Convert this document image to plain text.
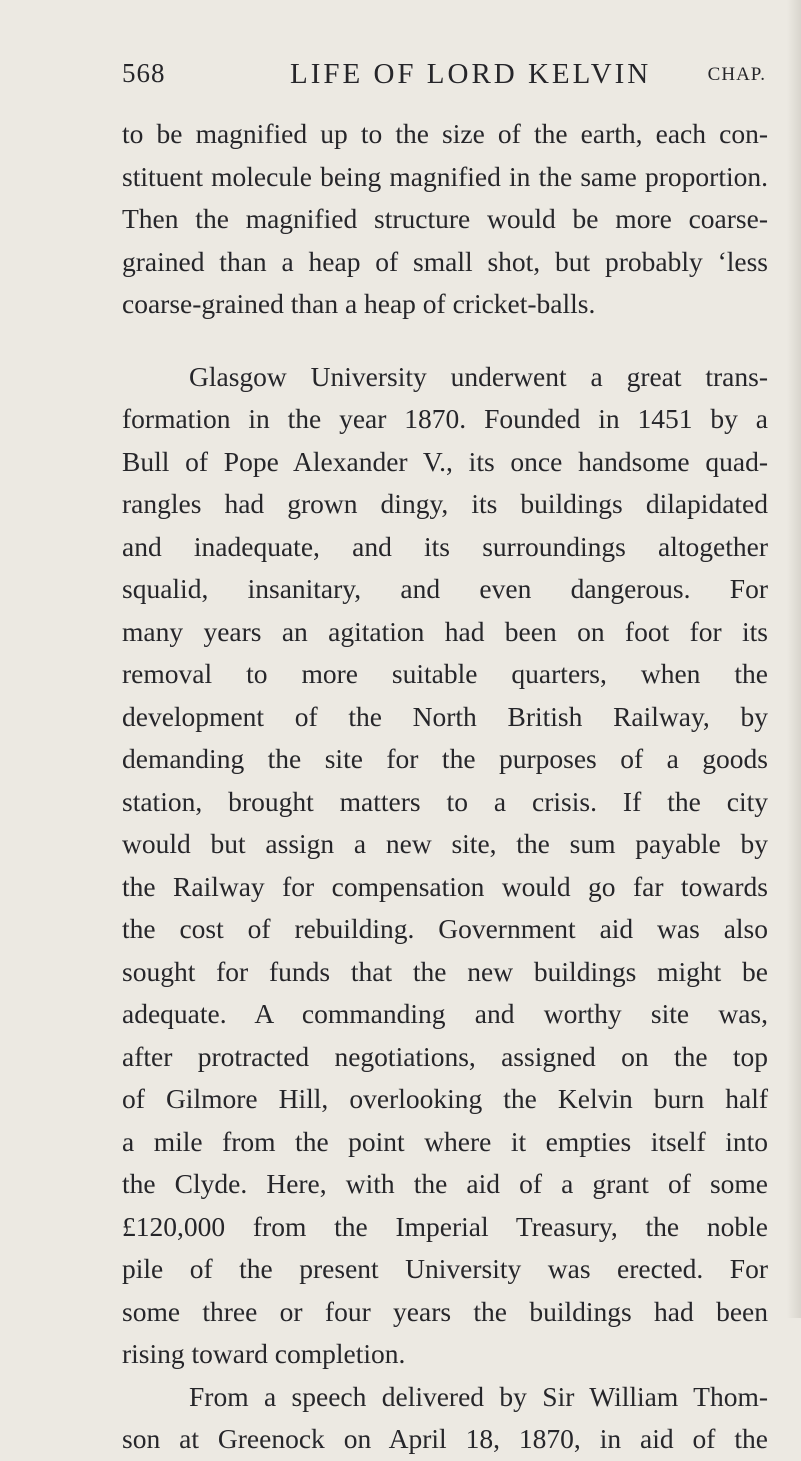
568	LIFE OF LORD KELVIN	CHAP.
to be magnified up to the size of the earth, each con-
stituent molecule being magnified in the same proportion.
Then the magnified structure would be more coarse-
grained than a heap of small shot, but probably ‘less
coarse-grained than a heap of cricket-balls.
Glasgow University underwent a great trans-
formation in the year 1870. Founded in 1451 by a
Bull of Pope Alexander V., its once handsome quad-
rangles had grown dingy, its buildings dilapidated
and inadequate, and its surroundings altogether
squalid, insanitary, and even dangerous. For
many years an agitation had been on foot for its
removal to more suitable quarters, when the
development of the North British Railway, by
demanding the site for the purposes of a goods
station, brought matters to a crisis. If the city
would but assign a new site, the sum payable by
the Railway for compensation would go far towards
the cost of rebuilding. Government aid was also
sought for funds that the new buildings might be
adequate. A commanding and worthy site was,
after protracted negotiations, assigned on the top
of Gilmore Hill, overlooking the Kelvin burn half
a mile from the point where it empties itself into
the Clyde. Here, with the aid of a grant of some
£120,000 from the Imperial Treasury, the noble
pile of the present University was erected. For
some three or four years the buildings had been
rising toward completion.
From a speech delivered by Sir William Thom-
son at Greenock on April 18, 1870, in aid of the
